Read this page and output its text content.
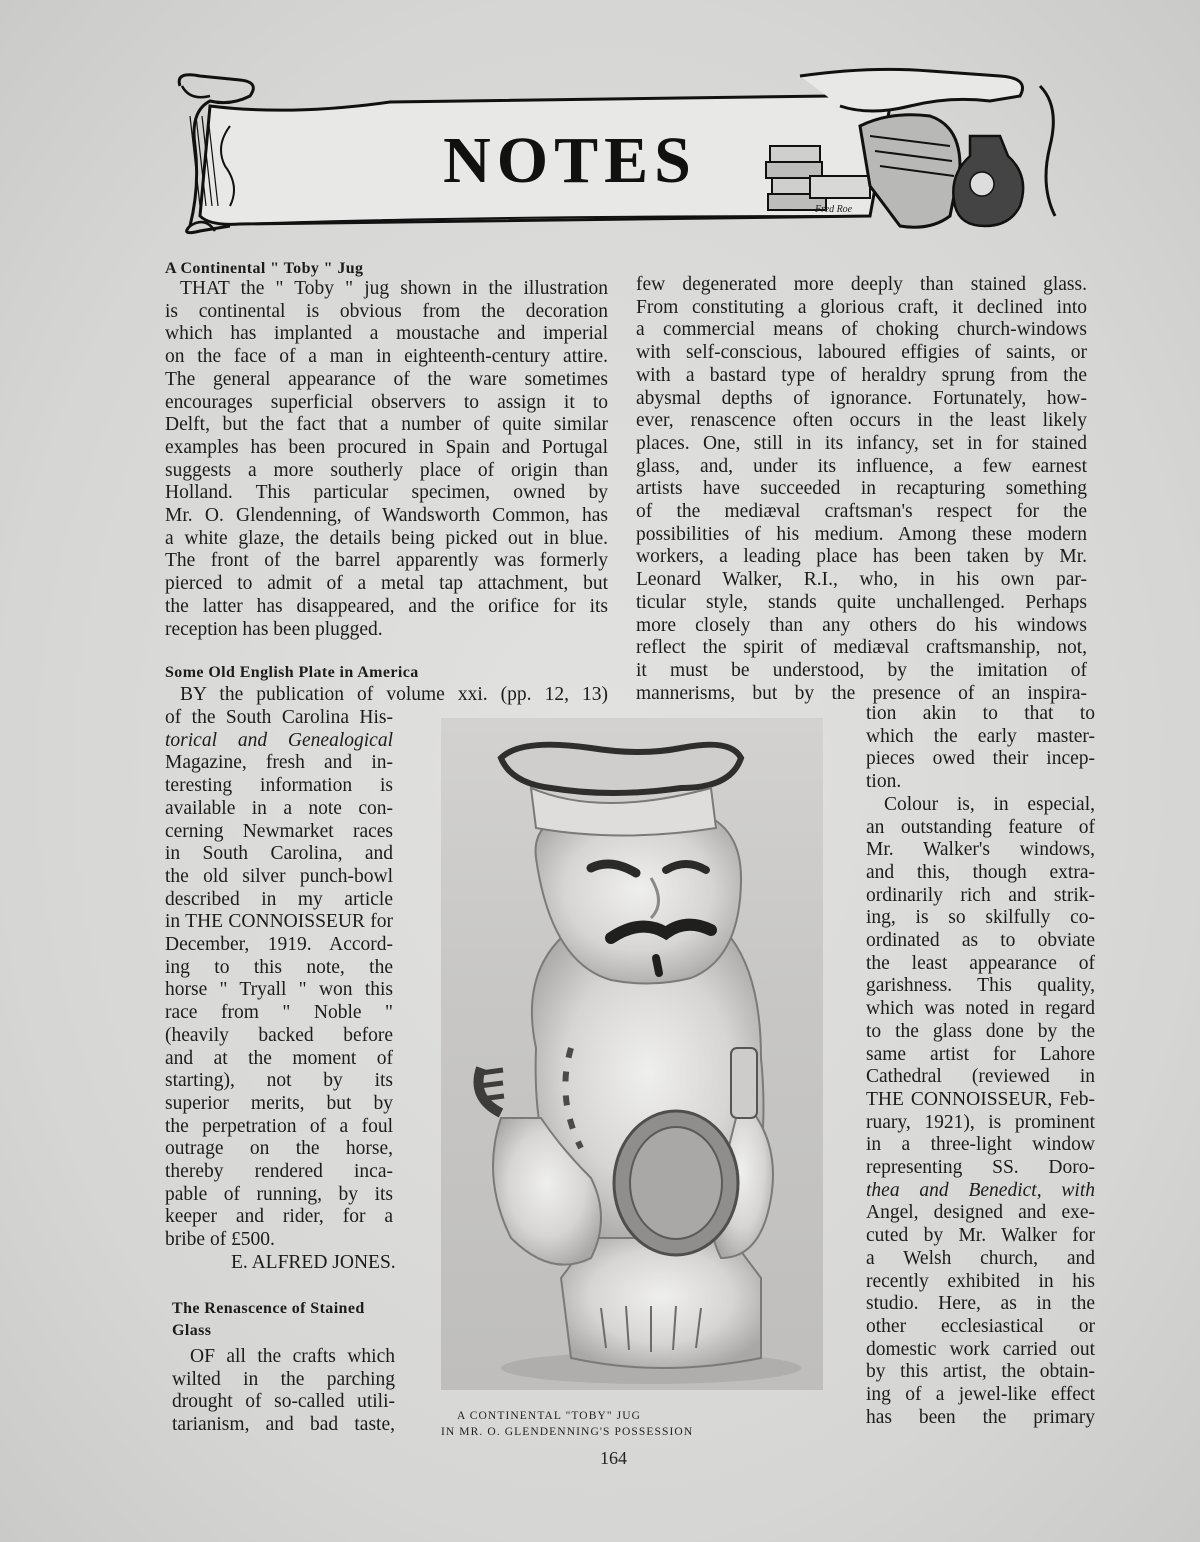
NOTES
Fred Roe
A Continental " Toby " Jug
THAT the " Toby " jug shown in the illustration
is continental is obvious from the decoration
which has implanted a moustache and imperial
on the face of a man in eighteenth-century attire.
The general appearance of the ware sometimes
encourages superficial observers to assign it to
Delft, but the fact that a number of quite similar
examples has been procured in Spain and Portugal
suggests a more southerly place of origin than
Holland. This particular specimen, owned by
Mr. O. Glendenning, of Wandsworth Common, has
a white glaze, the details being picked out in blue.
The front of the barrel apparently was formerly
pierced to admit of a metal tap attachment, but
the latter has disappeared, and the orifice for its
reception has been plugged.
Some Old English Plate in America
BY the publication of volume xxi. (pp. 12, 13)
of the South Carolina His-
torical and Genealogical
Magazine, fresh and in-
teresting information is
available in a note con-
cerning Newmarket races
in South Carolina, and
the old silver punch-bowl
described in my article
in THE CONNOISSEUR for
December, 1919. Accord-
ing to this note, the
horse " Tryall " won this
race from " Noble "
(heavily backed before
and at the moment of
starting), not by its
superior merits, but by
the perpetration of a foul
outrage on the horse,
thereby rendered inca-
pable of running, by its
keeper and rider, for a
bribe of £500.
E. ALFRED JONES.
The Renascence of Stained
Glass
OF all the crafts which
wilted in the parching
drought of so-called utili-
tarianism, and bad taste,
few degenerated more deeply than stained glass.
From constituting a glorious craft, it declined into
a commercial means of choking church-windows
with self-conscious, laboured effigies of saints, or
with a bastard type of heraldry sprung from the
abysmal depths of ignorance. Fortunately, how-
ever, renascence often occurs in the least likely
places. One, still in its infancy, set in for stained
glass, and, under its influence, a few earnest
artists have succeeded in recapturing something
of the mediæval craftsman's respect for the
possibilities of his medium. Among these modern
workers, a leading place has been taken by Mr.
Leonard Walker, R.I., who, in his own par-
ticular style, stands quite unchallenged. Perhaps
more closely than any others do his windows
reflect the spirit of mediæval craftsmanship, not,
it must be understood, by the imitation of
mannerisms, but by the presence of an inspira-
tion akin to that to
which the early master-
pieces owed their incep-
tion.
Colour is, in especial,
an outstanding feature of
Mr. Walker's windows,
and this, though extra-
ordinarily rich and strik-
ing, is so skilfully co-
ordinated as to obviate
the least appearance of
garishness. This quality,
which was noted in regard
to the glass done by the
same artist for Lahore
Cathedral (reviewed in
THE CONNOISSEUR, Feb-
ruary, 1921), is prominent
in a three-light window
representing SS. Doro-
thea and Benedict, with
Angel, designed and exe-
cuted by Mr. Walker for
a Welsh church, and
recently exhibited in his
studio. Here, as in the
other ecclesiastical or
domestic work carried out
by this artist, the obtain-
ing of a jewel-like effect
has been the primary
A CONTINENTAL "TOBY" JUG
IN MR. O. GLENDENNING'S POSSESSION
164
